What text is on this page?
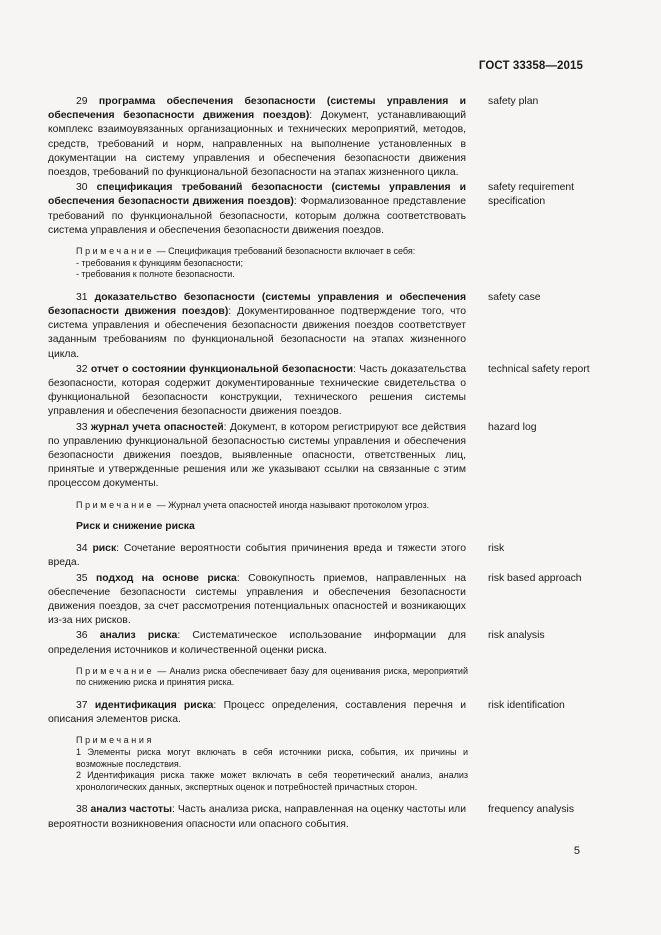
ГОСТ 33358—2015
29 программа обеспечения безопасности (системы управления и обеспечения безопасности движения поездов): Документ, устанавливающий комплекс взаимоувязанных организационных и технических мероприятий, методов, средств, требований и норм, направленных на выполнение установленных в документации на систему управления и обеспечения безопасности движения поездов, требований по функциональной безопасности на этапах жизненного цикла.
safety plan
30 спецификация требований безопасности (системы управления и обеспечения безопасности движения поездов): Формализованное представление требований по функциональной безопасности, которым должна соответствовать система управления и обеспечения безопасности движения поездов.
safety requirement specification
Примечание — Спецификация требований безопасности включает в себя:
- требования к функциям безопасности;
- требования к полноте безопасности.
31 доказательство безопасности (системы управления и обеспечения безопасности движения поездов): Документированное подтверждение того, что система управления и обеспечения безопасности движения поездов соответствует заданным требованиям по функциональной безопасности на этапах жизненного цикла.
safety case
32 отчет о состоянии функциональной безопасности: Часть доказательства безопасности, которая содержит документированные технические свидетельства о функциональной безопасности конструкции, технического решения системы управления и обеспечения безопасности движения поездов.
technical safety report
33 журнал учета опасностей: Документ, в котором регистрируют все действия по управлению функциональной безопасностью системы управления и обеспечения безопасности движения поездов, выявленные опасности, ответственных лиц, принятые и утвержденные решения или же указывают ссылки на связанные с этим процессом документы.
hazard log
Примечание — Журнал учета опасностей иногда называют протоколом угроз.
Риск и снижение риска
34 риск: Сочетание вероятности события причинения вреда и тяжести этого вреда.
risk
35 подход на основе риска: Совокупность приемов, направленных на обеспечение безопасности системы управления и обеспечения безопасности движения поездов, за счет рассмотрения потенциальных опасностей и возникающих из-за них рисков.
risk based approach
36 анализ риска: Систематическое использование информации для определения источников и количественной оценки риска.
risk analysis
Примечание — Анализ риска обеспечивает базу для оценивания риска, мероприятий по снижению риска и принятия риска.
37 идентификация риска: Процесс определения, составления перечня и описания элементов риска.
risk identification
Примечания
1 Элементы риска могут включать в себя источники риска, события, их причины и возможные последствия.
2 Идентификация риска также может включать в себя теоретический анализ, анализ хронологических данных, экспертных оценок и потребностей причастных сторон.
38 анализ частоты: Часть анализа риска, направленная на оценку частоты или вероятности возникновения опасности или опасного события.
frequency analysis
5
